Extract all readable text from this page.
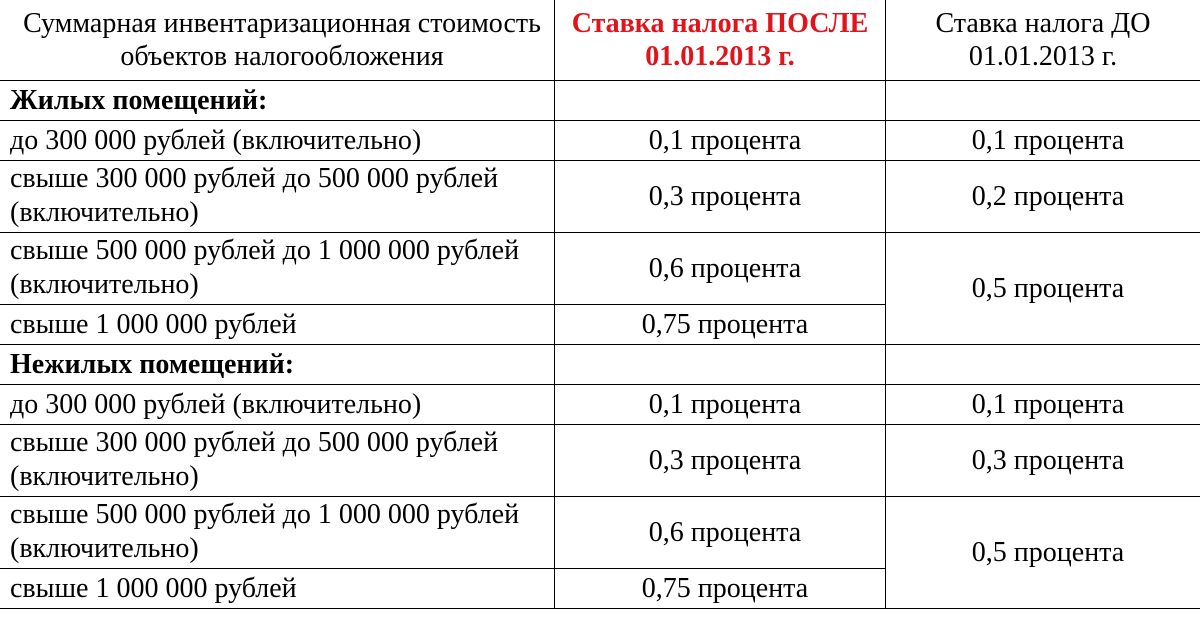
Суммарная инвентаризационная стоимость объектов налогообложения	Ставка налога ПОСЛЕ 01.01.2013 г.	Ставка налога ДО 01.01.2013 г.
Жилых помещений:		
до 300 000 рублей (включительно)	0,1 процента	0,1 процента
свыше 300 000 рублей до 500 000 рублей (включительно)	0,3 процента	0,2 процента
свыше 500 000 рублей до 1 000 000 рублей (включительно)	0,6 процента	0,5 процента
свыше 1 000 000 рублей	0,75 процента	
Нежилых помещений:		
до 300 000 рублей (включительно)	0,1 процента	0,1 процента
свыше 300 000 рублей до 500 000 рублей (включительно)	0,3 процента	0,3 процента
свыше 500 000 рублей до 1 000 000 рублей (включительно)	0,6 процента	0,5 процента
свыше 1 000 000 рублей	0,75 процента	
